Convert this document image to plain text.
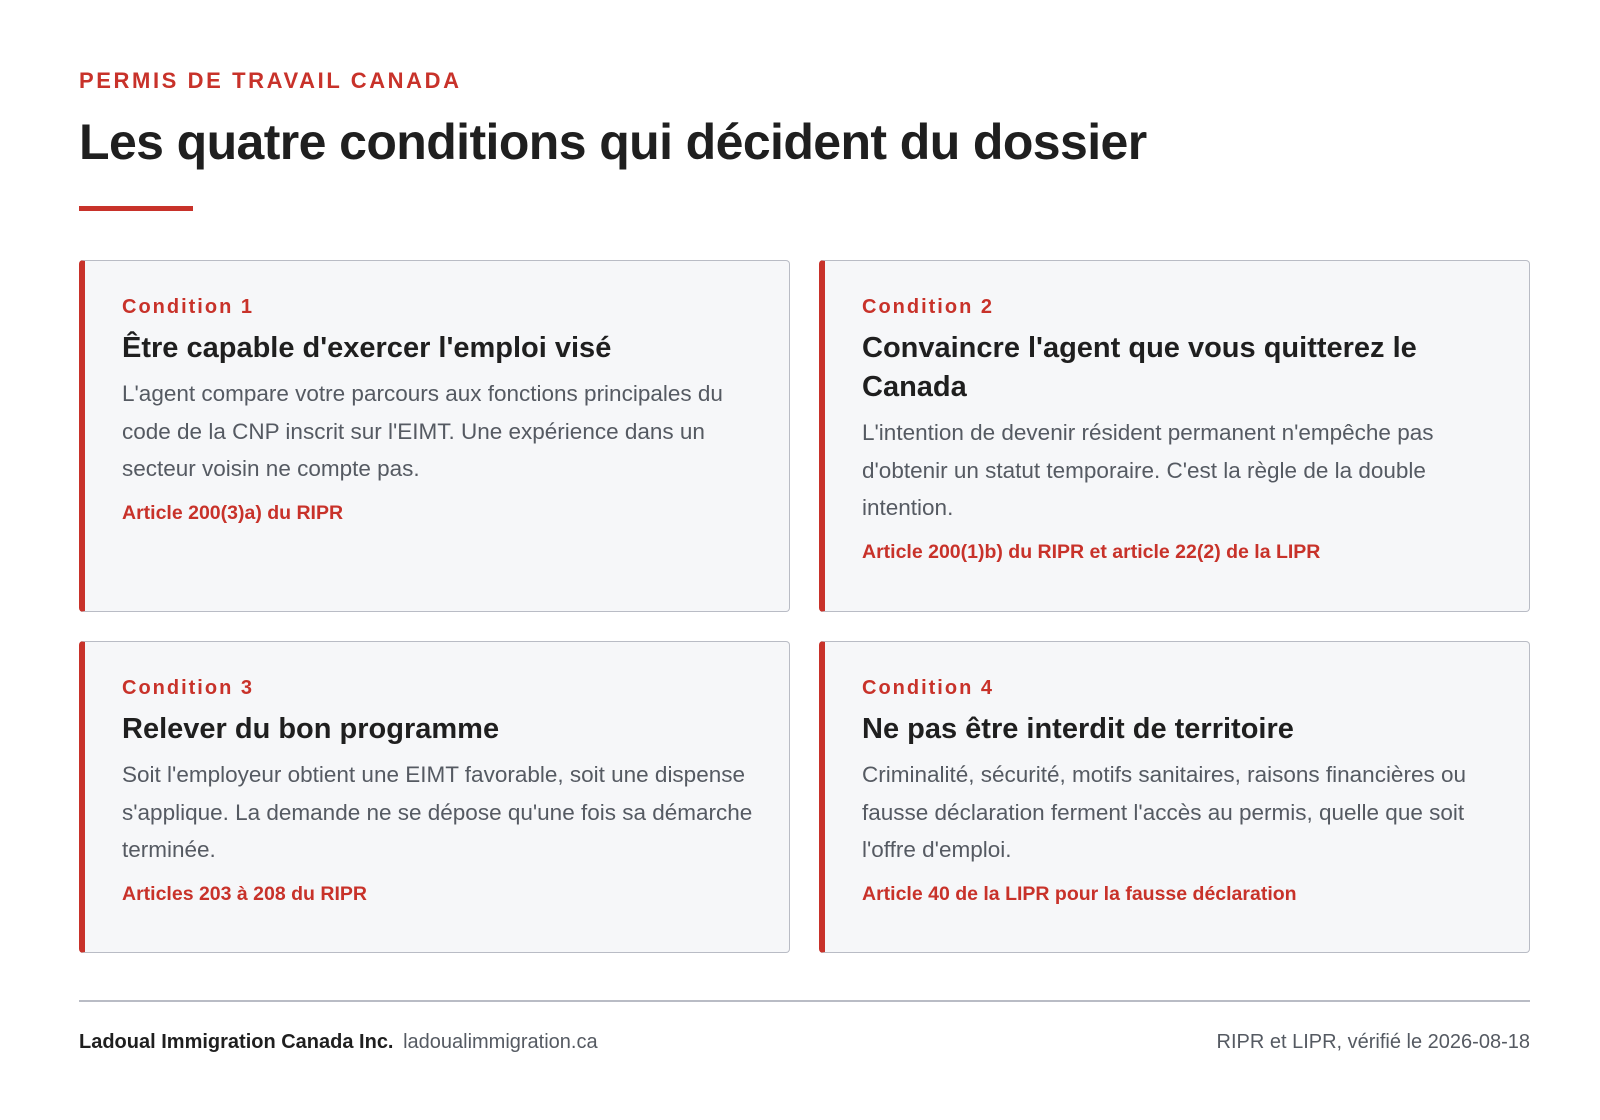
PERMIS DE TRAVAIL CANADA
Les quatre conditions qui décident du dossier
Condition 1
Être capable d'exercer l'emploi visé
L'agent compare votre parcours aux fonctions principales du code de la CNP inscrit sur l'EIMT. Une expérience dans un secteur voisin ne compte pas.
Article 200(3)a) du RIPR
Condition 2
Convaincre l'agent que vous quitterez le Canada
L'intention de devenir résident permanent n'empêche pas d'obtenir un statut temporaire. C'est la règle de la double intention.
Article 200(1)b) du RIPR et article 22(2) de la LIPR
Condition 3
Relever du bon programme
Soit l'employeur obtient une EIMT favorable, soit une dispense s'applique. La demande ne se dépose qu'une fois sa démarche terminée.
Articles 203 à 208 du RIPR
Condition 4
Ne pas être interdit de territoire
Criminalité, sécurité, motifs sanitaires, raisons financières ou fausse déclaration ferment l'accès au permis, quelle que soit l'offre d'emploi.
Article 40 de la LIPR pour la fausse déclaration
Ladoual Immigration Canada Inc. ladoualimmigration.ca	RIPR et LIPR, vérifié le 2026-08-18
